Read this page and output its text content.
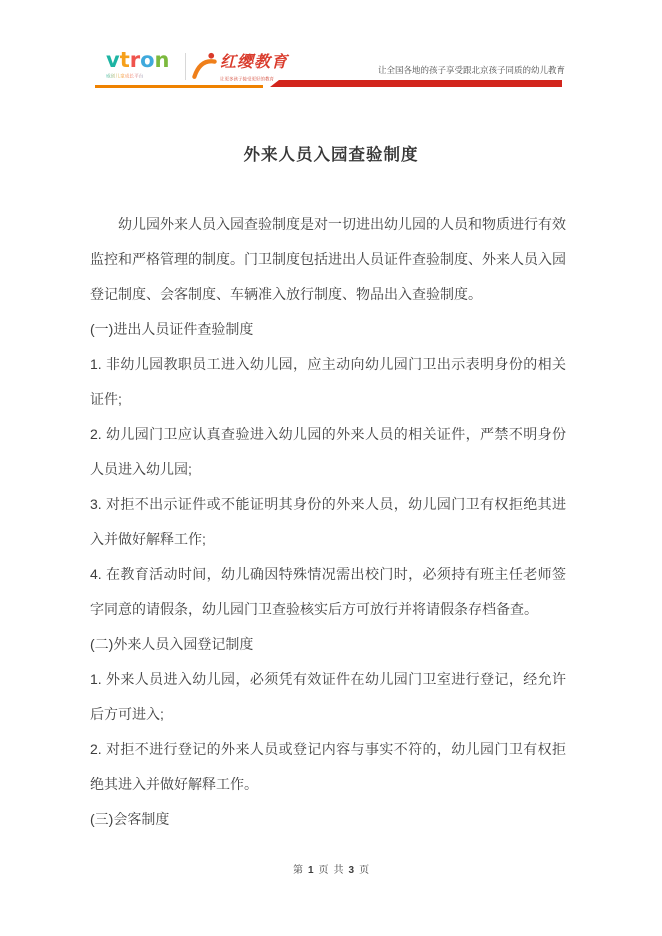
vtron
威创儿童成长平台
红缨教育
让更多孩子接受更好的教育
让全国各地的孩子享受跟北京孩子同质的幼儿教育
外来人员入园查验制度

幼儿园外来人员入园查验制度是对一切进出幼儿园的人员和物质进行有效监控和严格管理的制度。门卫制度包括进出人员证件查验制度、外来人员入园登记制度、会客制度、车辆准入放行制度、物品出入查验制度。

(一)进出人员证件查验制度

1. 非幼儿园教职员工进入幼儿园，应主动向幼儿园门卫出示表明身份的相关证件;

2. 幼儿园门卫应认真查验进入幼儿园的外来人员的相关证件，严禁不明身份人员进入幼儿园;

3. 对拒不出示证件或不能证明其身份的外来人员，幼儿园门卫有权拒绝其进入并做好解释工作;

4. 在教育活动时间，幼儿确因特殊情况需出校门时，必须持有班主任老师签字同意的请假条，幼儿园门卫查验核实后方可放行并将请假条存档备查。

(二)外来人员入园登记制度

1. 外来人员进入幼儿园，必须凭有效证件在幼儿园门卫室进行登记，经允许后方可进入;

2. 对拒不进行登记的外来人员或登记内容与事实不符的，幼儿园门卫有权拒绝其进入并做好解释工作。

(三)会客制度

第 1 页 共 3 页
